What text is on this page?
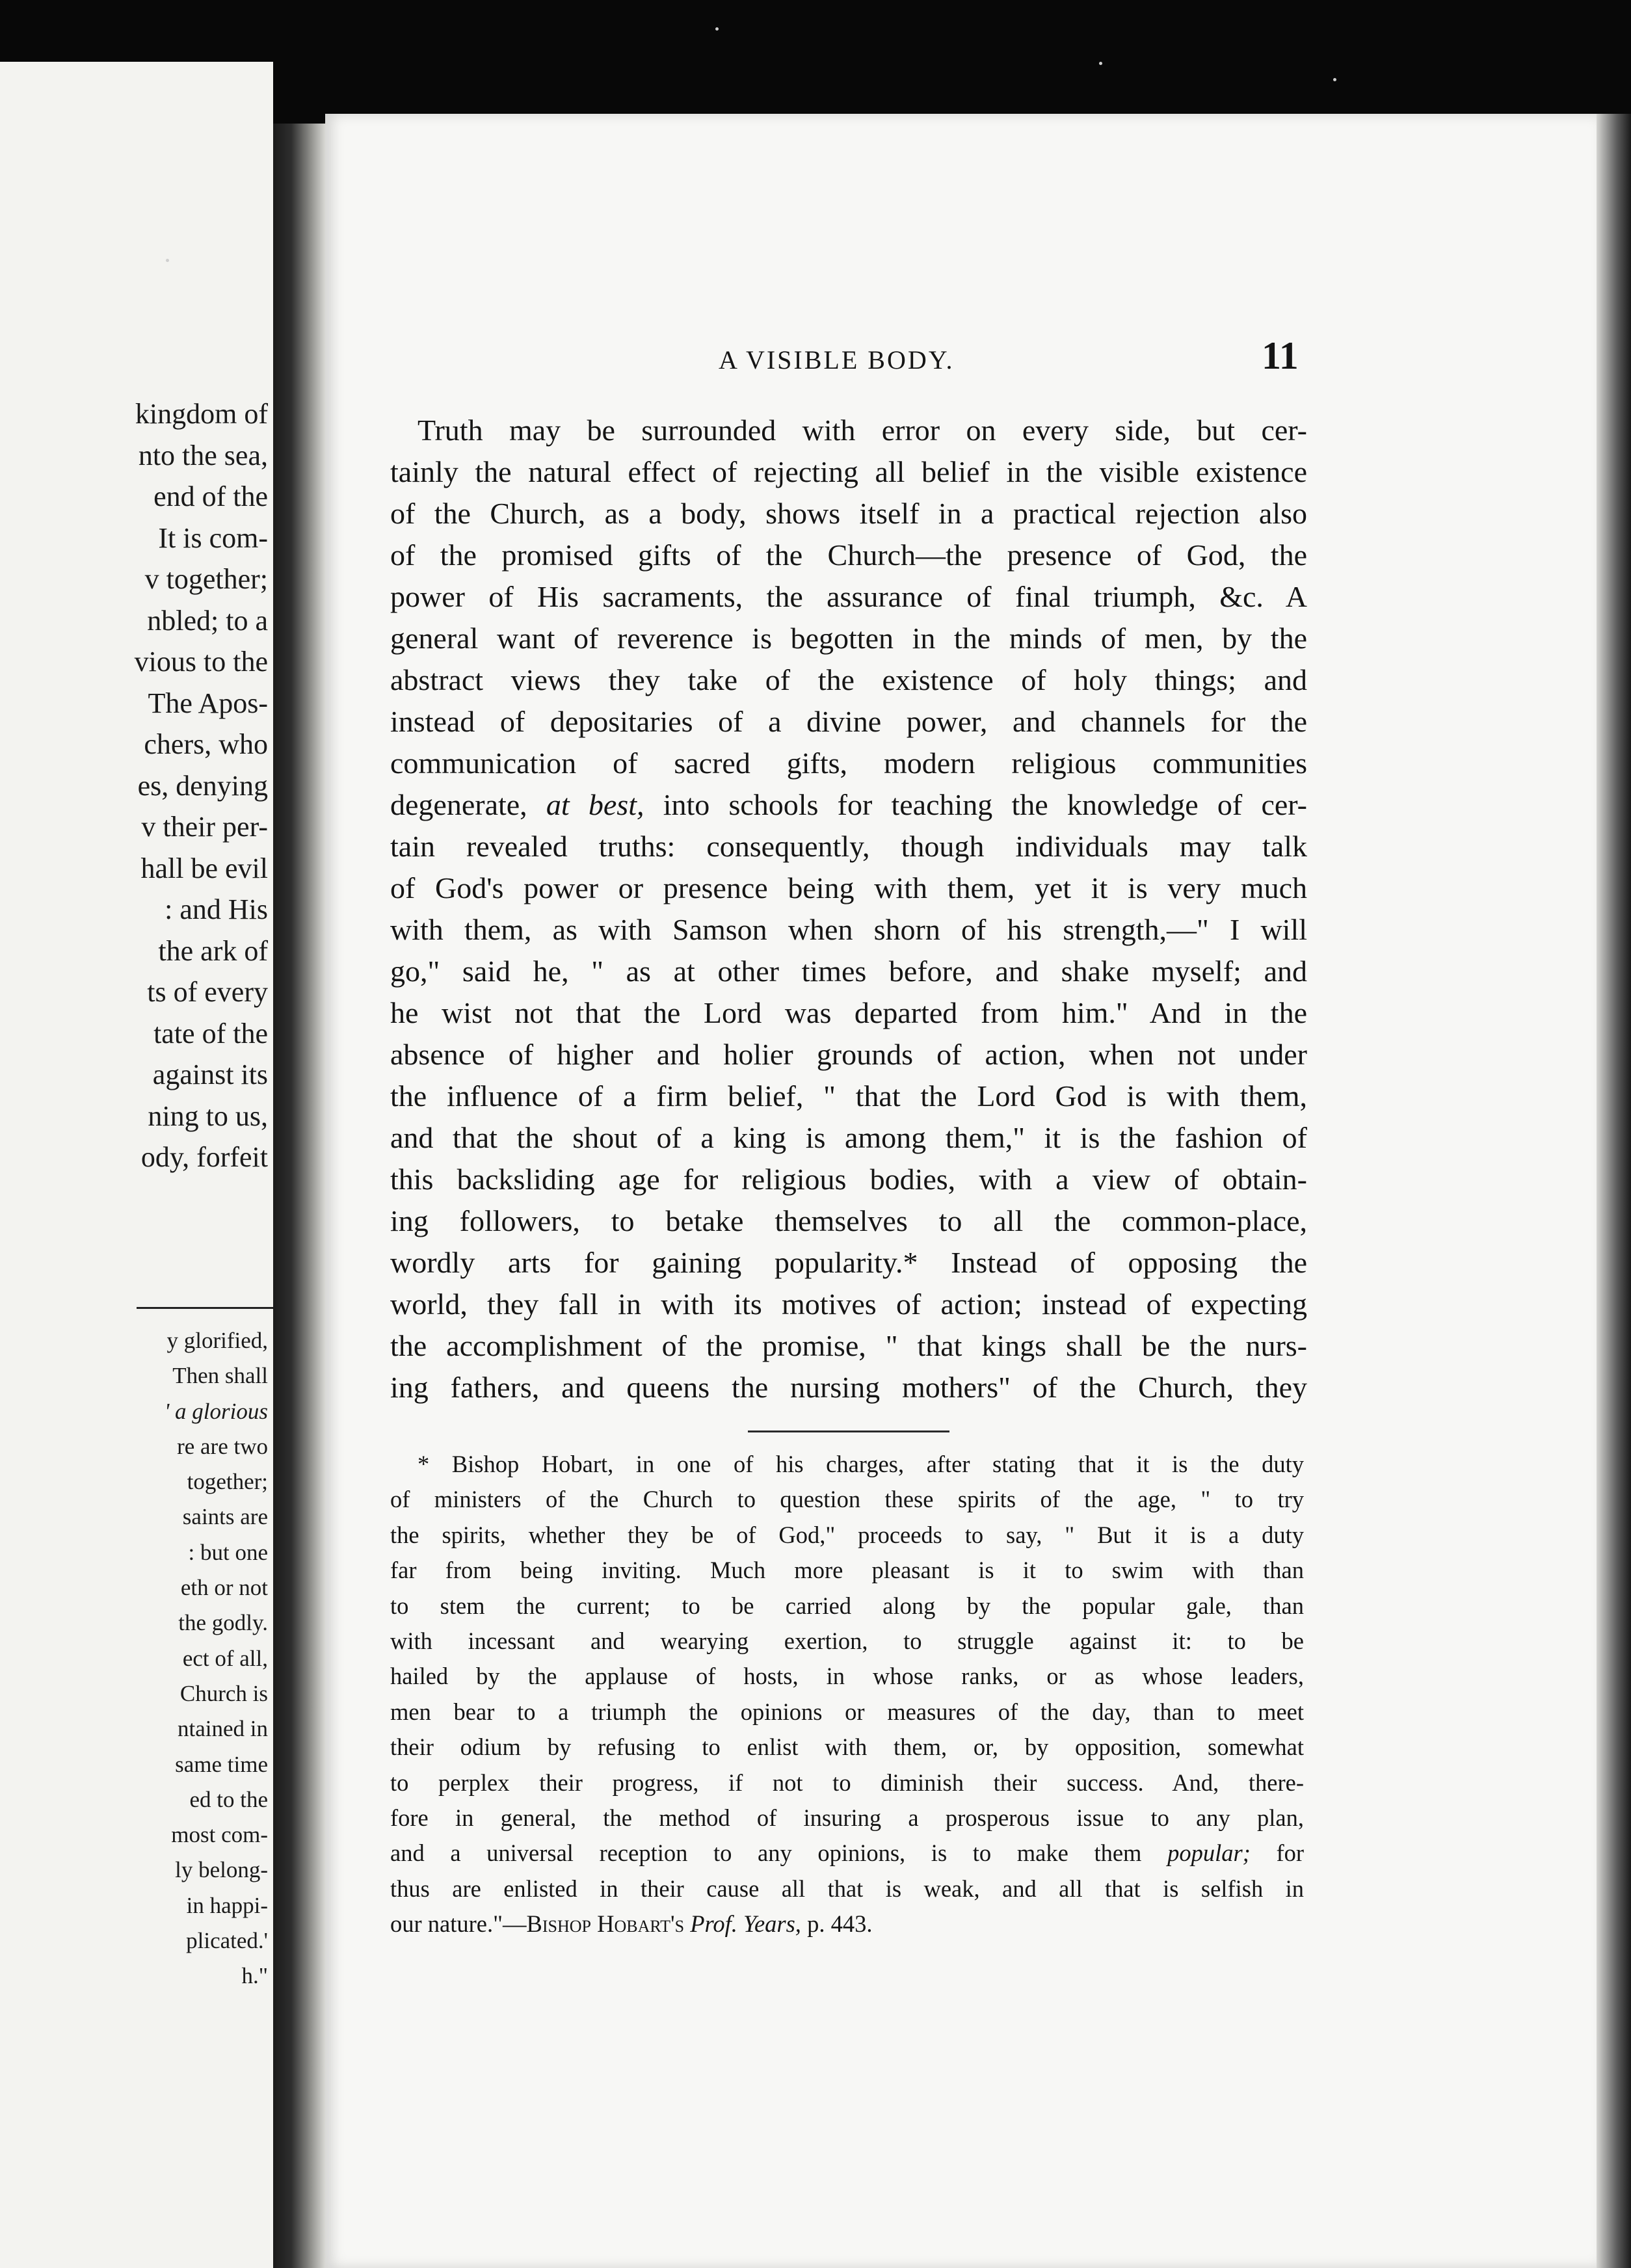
kingdom of
nto the sea,
end of the
It is com-
v together;
nbled; to a
vious to the
The Apos-
chers, who
es, denying
v their per-
hall be evil
: and His
the ark of
ts of every
tate of the
against its
ning to us,
ody, forfeit
y glorified,
Then shall
' a glorious
re are two
together;
saints are
: but one
eth or not
the godly.
ect of all,
Church is
ntained in
same time
ed to the
most com-
ly belong-
in happi-
plicated.'
h."
A VISIBLE BODY.	11
Truth may be surrounded with error on every side, but cer-
tainly the natural effect of rejecting all belief in the visible existence
of the Church, as a body, shows itself in a practical rejection also
of the promised gifts of the Church—the presence of God, the
power of His sacraments, the assurance of final triumph, &c. A
general want of reverence is begotten in the minds of men, by the
abstract views they take of the existence of holy things; and
instead of depositaries of a divine power, and channels for the
communication of sacred gifts, modern religious communities
degenerate, at best, into schools for teaching the knowledge of cer-
tain revealed truths: consequently, though individuals may talk
of God's power or presence being with them, yet it is very much
with them, as with Samson when shorn of his strength,—" I will
go," said he, " as at other times before, and shake myself; and
he wist not that the Lord was departed from him." And in the
absence of higher and holier grounds of action, when not under
the influence of a firm belief, " that the Lord God is with them,
and that the shout of a king is among them," it is the fashion of
this backsliding age for religious bodies, with a view of obtain-
ing followers, to betake themselves to all the common-place,
wordly arts for gaining popularity.* Instead of opposing the
world, they fall in with its motives of action; instead of expecting
the accomplishment of the promise, " that kings shall be the nurs-
ing fathers, and queens the nursing mothers" of the Church, they
* Bishop Hobart, in one of his charges, after stating that it is the duty
of ministers of the Church to question these spirits of the age, " to try
the spirits, whether they be of God," proceeds to say, " But it is a duty
far from being inviting. Much more pleasant is it to swim with than
to stem the current; to be carried along by the popular gale, than
with incessant and wearying exertion, to struggle against it: to be
hailed by the applause of hosts, in whose ranks, or as whose leaders,
men bear to a triumph the opinions or measures of the day, than to meet
their odium by refusing to enlist with them, or, by opposition, somewhat
to perplex their progress, if not to diminish their success. And, there-
fore in general, the method of insuring a prosperous issue to any plan,
and a universal reception to any opinions, is to make them popular; for
thus are enlisted in their cause all that is weak, and all that is selfish in
our nature."—Bishop Hobart's Prof. Years, p. 443.
